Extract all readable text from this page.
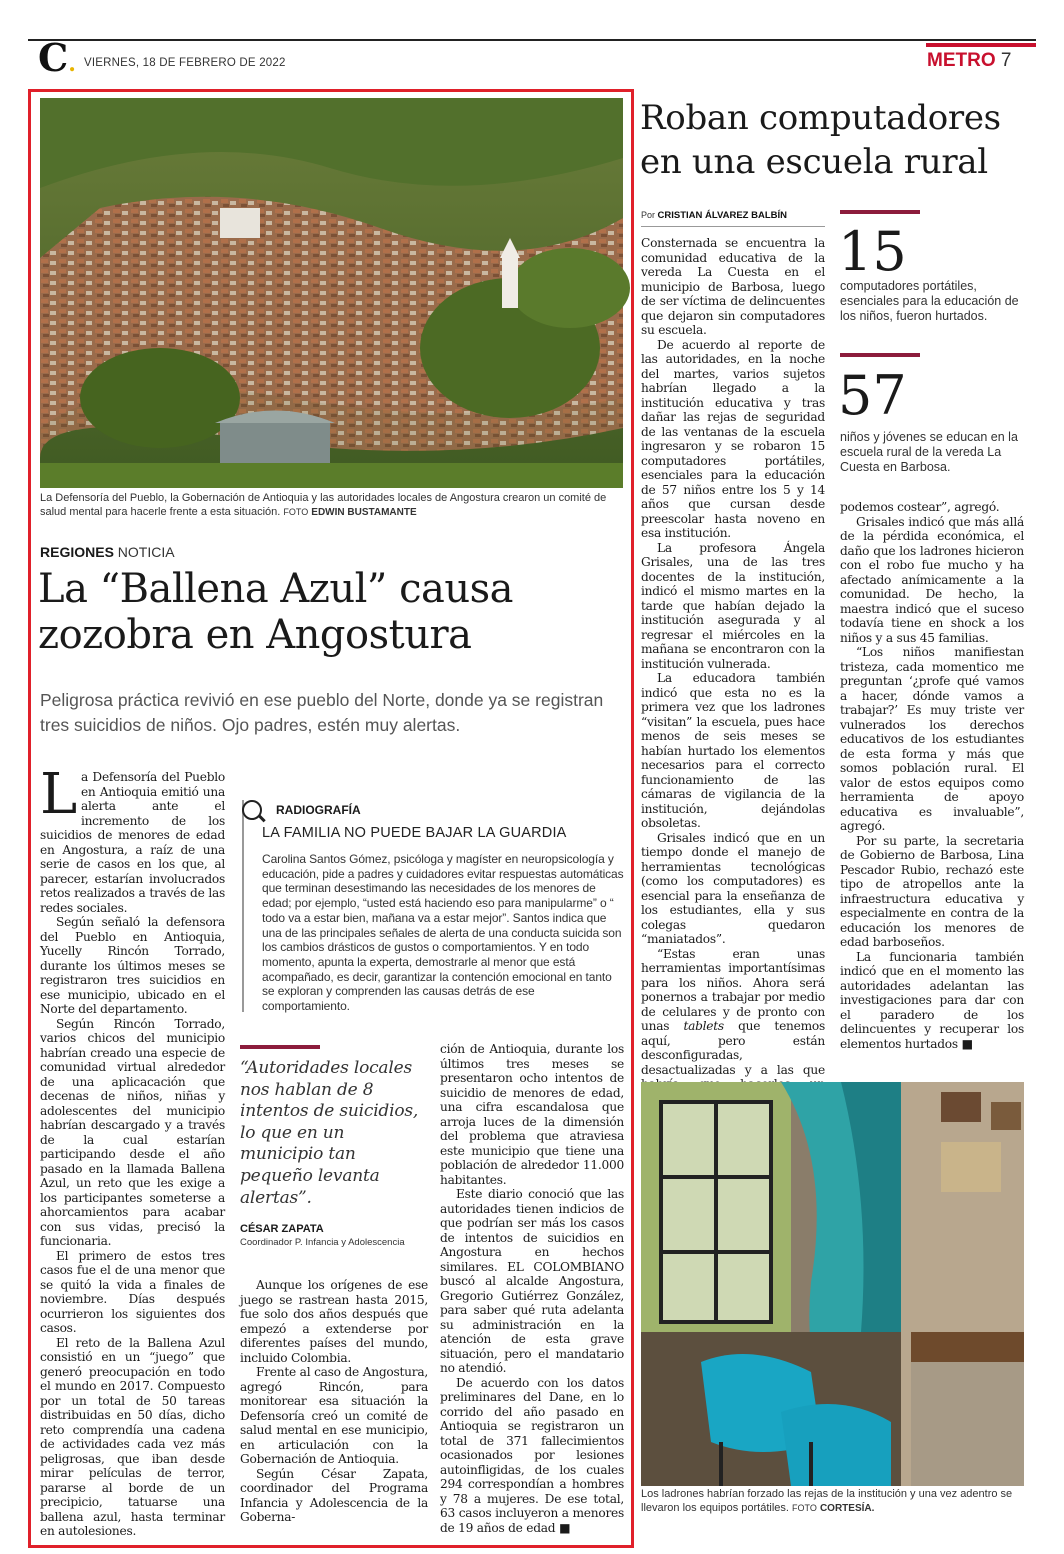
C. VIERNES, 18 DE FEBRERO DE 2022	METRO 7
La Defensoría del Pueblo, la Gobernación de Antioquia y las autoridades locales de Angostura crearon un comité de salud mental para hacerle frente a esta situación. FOTO EDWIN BUSTAMANTE
REGIONES NOTICIA
La “Ballena Azul” causa zozobra en Angostura
Peligrosa práctica revivió en ese pueblo del Norte, donde ya se registran tres suicidios de niños. Ojo padres, estén muy alertas.

La Defensoría del Pueblo en Antioquia emitió una alerta ante el incremento de los suicidios de menores de edad en Angostura, a raíz de una serie de casos en los que, al parecer, estarían involucrados retos realizados a través de las redes sociales.

Según señaló la defensora del Pueblo en Antioquia, Yucelly Rincón Torrado, durante los últimos meses se registraron tres suicidios en ese municipio, ubicado en el Norte del departamento.

Según Rincón Torrado, varios chicos del municipio habrían creado una especie de comunidad virtual alrededor de una aplicacación que decenas de niños, niñas y adolescentes del municipio habrían descargado y a través de la cual estarían participando desde el año pasado en la llamada Ballena Azul, un reto que les exige a los participantes someterse a ahorcamientos para acabar con sus vidas, precisó la funcionaria.

El primero de estos tres casos fue el de una menor que se quitó la vida a finales de noviembre. Días después ocurrieron los siguientes dos casos.

El reto de la Ballena Azul consistió en un “juego” que generó preocupación en todo el mundo en 2017. Compuesto por un total de 50 tareas distribuidas en 50 días, dicho reto comprendía una cadena de actividades cada vez más peligrosas, que iban desde mirar películas de terror, pararse al borde de un precipicio, tatuarse una ballena azul, hasta terminar en autolesiones.

RADIOGRAFÍA
LA FAMILIA NO PUEDE BAJAR LA GUARDIA
Carolina Santos Gómez, psicóloga y magíster en neuropsicología y educación, pide a padres y cuidadores evitar respuestas automáticas que terminan desestimando las necesidades de los menores de edad; por ejemplo, “usted está haciendo eso para manipularme” o “ todo va a estar bien, mañana va a estar mejor”. Santos indica que una de las principales señales de alerta de una conducta suicida son los cambios drásticos de gustos o comportamientos. Y en todo momento, apunta la experta, demostrarle al menor que está acompañado, es decir, garantizar la contención emocional en tanto se exploran y comprenden las causas detrás de ese comportamiento.
“Autoridades locales nos hablan de 8 intentos de suicidios, lo que en un municipio tan pequeño levanta alertas”.
CÉSAR ZAPATA
Coordinador P. Infancia y Adolescencia

Aunque los orígenes de ese juego se rastrean hasta 2015, fue solo dos años después que empezó a extenderse por diferentes países del mundo, incluido Colombia.

Frente al caso de Angostura, agregó Rincón, para monitorear esa situación la Defensoría creó un comité de salud mental en ese municipio, en articulación con la Gobernación de Antioquia.

Según César Zapata, coordinador del Programa Infancia y Adolescencia de la Goberna-

ción de Antioquia, durante los últimos tres meses se presentaron ocho intentos de suicidio de menores de edad, una cifra escandalosa que arroja luces de la dimensión del problema que atraviesa este municipio que tiene una población de alrededor 11.000 habitantes.

Este diario conoció que las autoridades tienen indicios de que podrían ser más los casos de intentos de suicidios en Angostura en hechos similares. EL COLOMBIANO buscó al alcalde Angostura, Gregorio Gutiérrez González, para saber qué ruta adelanta su administración en la atención de esta grave situación, pero el mandatario no atendió.

De acuerdo con los datos preliminares del Dane, en lo corrido del año pasado en Antioquia se registraron un total de 371 fallecimientos ocasionados por lesiones autoinfligidas, de los cuales 294 correspondían a hombres y 78 a mujeres. De ese total, 63 casos incluyeron a menores de 19 años de edad ■

Roban computadores en una escuela rural
Por CRISTIAN ÁLVAREZ BALBÍN
15
computadores portátiles, esenciales para la educación de los niños, fueron hurtados.
57
niños y jóvenes se educan en la escuela rural de la vereda La Cuesta en Barbosa.

Consternada se encuentra la comunidad educativa de la vereda La Cuesta en el municipio de Barbosa, luego de ser víctima de delincuentes que dejaron sin computadores su escuela.

De acuerdo al reporte de las autoridades, en la noche del martes, varios sujetos habrían llegado a la institución educativa y tras dañar las rejas de seguridad de las ventanas de la escuela ingresaron y se robaron 15 computadores portátiles, esenciales para la educación de 57 niños entre los 5 y 14 años que cursan desde preescolar hasta noveno en esa institución.

La profesora Ángela Grisales, una de las tres docentes de la institución, indicó el mismo martes en la tarde que habían dejado la institución asegurada y al regresar el miércoles en la mañana se encontraron con la institución vulnerada.

La educadora también indicó que esta no es la primera vez que los ladrones “visitan” la escuela, pues hace menos de seis meses se habían hurtado los elementos necesarios para el correcto funcionamiento de las cámaras de vigilancia de la institución, dejándolas obsoletas.

Grisales indicó que en un tiempo donde el manejo de herramientas tecnológicas (como los computadores) es esencial para la enseñanza de los estudiantes, ella y sus colegas quedaron “maniatados”.

“Estas eran unas herramientas importantísimas para los niños. Ahora será ponernos a trabajar por medio de celulares y de pronto con unas tablets que tenemos aquí, pero están desconfiguradas, desactualizadas y a las que

podemos costear”, agregó.

Grisales indicó que más allá de la pérdida económica, el daño que los ladrones hicieron con el robo fue mucho y ha afectado anímicamente a la comunidad. De hecho, la maestra indicó que el suceso todavía tiene en shock a los niños y a sus 45 familias.

“Los niños manifiestan tristeza, cada momentico me preguntan ‘¿profe qué vamos a hacer, dónde vamos a trabajar?’ Es muy triste ver vulnerados los derechos educativos de los estudiantes de esta forma y más que somos población rural. El valor de estos equipos como herramienta de apoyo educativa es invaluable”, agregó.

Por su parte, la secretaria de Gobierno de Barbosa, Lina Pescador Rubio, rechazó este tipo de atropellos ante la infraestructura educativa y especialmente en contra de la educación los menores de edad barboseños.

La funcionaria también indicó que en el momento las autoridades adelantan las investigaciones para dar con el paradero de los delincuentes y recuperar los elementos hurtados ■

Los ladrones habrían forzado las rejas de la institución y una vez adentro se llevaron los equipos portátiles. FOTO CORTESÍA.
